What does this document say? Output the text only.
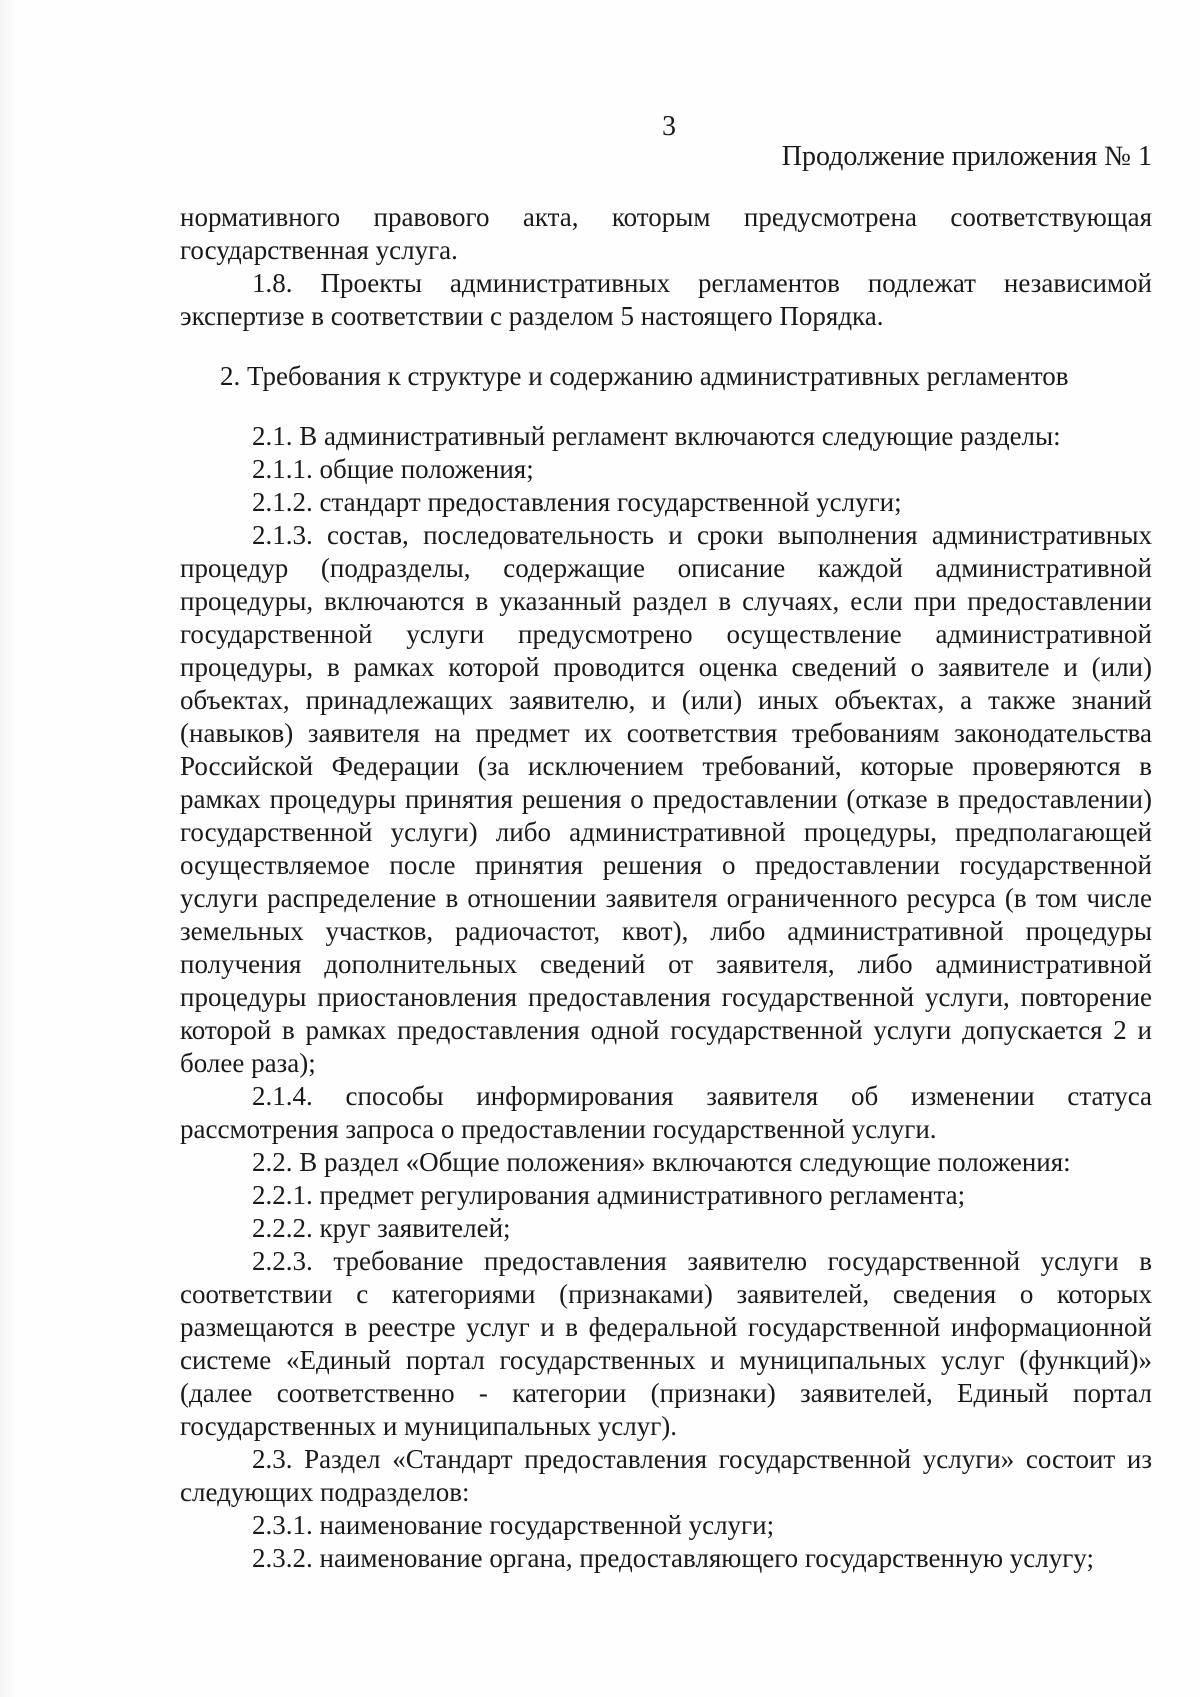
3
Продолжение приложения № 1

нормативного правового акта, которым предусмотрена соответствующая государственная услуга.

1.8. Проекты административных регламентов подлежат независимой экспертизе в соответствии с разделом 5 настоящего Порядка.

2. Требования к структуре и содержанию административных регламентов

2.1. В административный регламент включаются следующие разделы:

2.1.1. общие положения;

2.1.2. стандарт предоставления государственной услуги;

2.1.3. состав, последовательность и сроки выполнения административных процедур (подразделы, содержащие описание каждой административной процедуры, включаются в указанный раздел в случаях, если при предоставлении государственной услуги предусмотрено осуществление административной процедуры, в рамках которой проводится оценка сведений о заявителе и (или) объектах, принадлежащих заявителю, и (или) иных объектах, а также знаний (навыков) заявителя на предмет их соответствия требованиям законодательства Российской Федерации (за исключением требований, которые проверяются в рамках процедуры принятия решения о предоставлении (отказе в предоставлении) государственной услуги) либо административной процедуры, предполагающей осуществляемое после принятия решения о предоставлении государственной услуги распределение в отношении заявителя ограниченного ресурса (в том числе земельных участков, радиочастот, квот), либо административной процедуры получения дополнительных сведений от заявителя, либо административной процедуры приостановления предоставления государственной услуги, повторение которой в рамках предоставления одной государственной услуги допускается 2 и более раза);

2.1.4. способы информирования заявителя об изменении статуса рассмотрения запроса о предоставлении государственной услуги.

2.2. В раздел «Общие положения» включаются следующие положения:

2.2.1. предмет регулирования административного регламента;

2.2.2. круг заявителей;

2.2.3. требование предоставления заявителю государственной услуги в соответствии с категориями (признаками) заявителей, сведения о которых размещаются в реестре услуг и в федеральной государственной информационной системе «Единый портал государственных и муниципальных услуг (функций)» (далее соответственно - категории (признаки) заявителей, Единый портал государственных и муниципальных услуг).

2.3. Раздел «Стандарт предоставления государственной услуги» состоит из следующих подразделов:

2.3.1. наименование государственной услуги;

2.3.2. наименование органа, предоставляющего государственную услугу;
